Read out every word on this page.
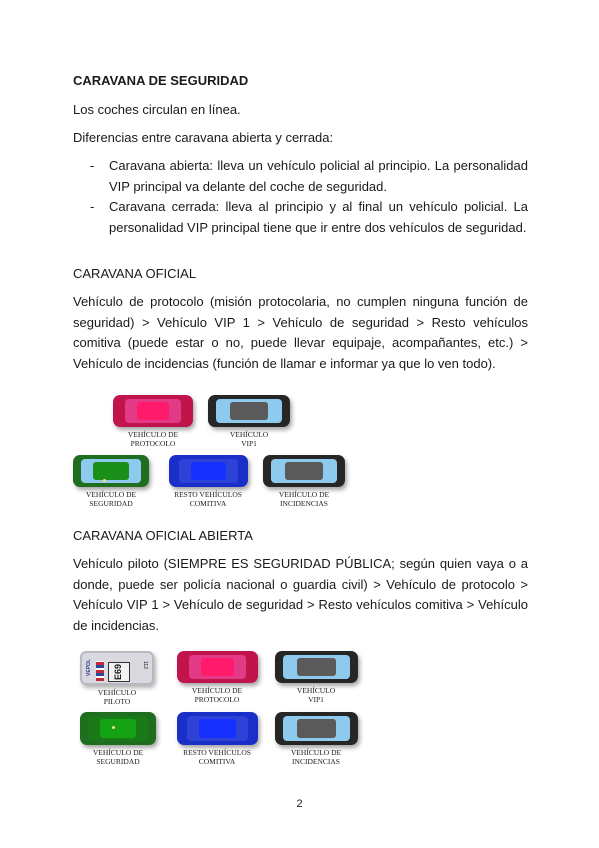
CARAVANA DE SEGURIDAD

Los coches circulan en línea.

Diferencias entre caravana abierta y cerrada:

- Caravana abierta: lleva un vehículo policial al principio. La personalidad VIP principal va delante del coche de seguridad.
- Caravana cerrada: lleva al principio y al final un vehículo policial. La personalidad VIP principal tiene que ir entre dos vehículos de seguridad.

CARAVANA OFICIAL

Vehículo de protocolo (misión protocolaria, no cumplen ninguna función de seguridad) > Vehículo VIP 1 > Vehículo de seguridad > Resto vehículos comitiva (puede estar o no, puede llevar equipaje, acompañantes, etc.) > Vehículo de incidencias (función de llamar e informar ya que lo ven todo).

VEHÍCULO DE
PROTOCOLO
VEHÍCULO
VIP1
VEHÍCULO DE
SEGURIDAD
RESTO VEHÍCULOS
COMITIVA
VEHÍCULO DE
INCIDENCIAS

CARAVANA OFICIAL ABIERTA

Vehículo piloto (SIEMPRE ES SEGURIDAD PÚBLICA; según quien vaya o a donde, puede ser policía nacional o guardia civil) > Vehículo de protocolo > Vehículo VIP 1 > Vehículo de seguridad > Resto vehículos comitiva > Vehículo de incidencias.

VEPOL	E69	112
VEHÍCULO
PILOTO
VEHÍCULO DE
PROTOCOLO
VEHÍCULO
VIP1
VEHÍCULO DE
SEGURIDAD
RESTO VEHÍCULOS
COMITIVA
VEHÍCULO DE
INCIDENCIAS
2
